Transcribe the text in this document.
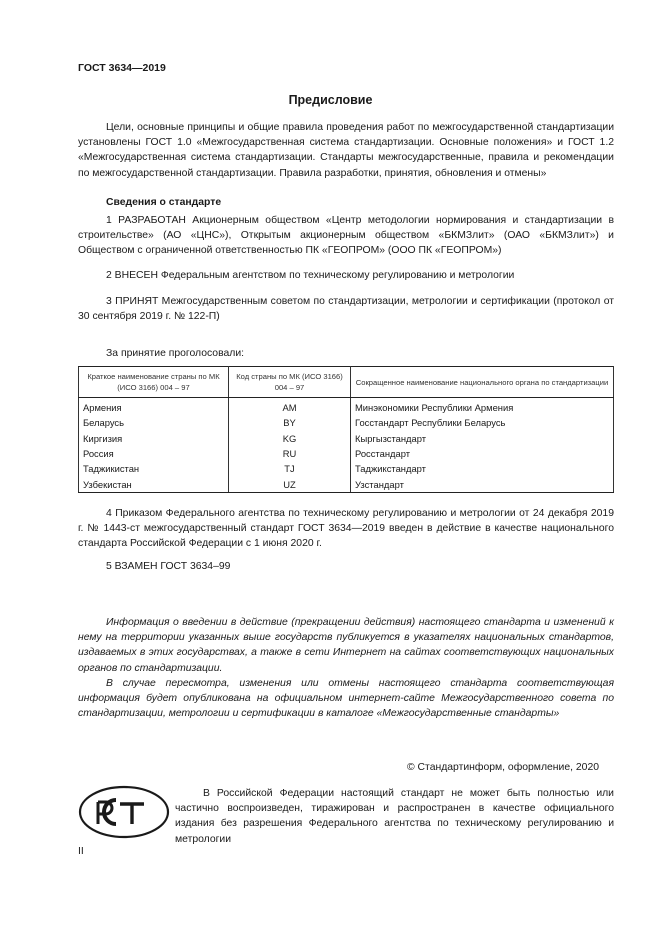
ГОСТ 3634—2019
Предисловие

Цели, основные принципы и общие правила проведения работ по межгосударственной стандартизации установлены ГОСТ 1.0 «Межгосударственная система стандартизации. Основные положения» и ГОСТ 1.2 «Межгосударственная система стандартизации. Стандарты межгосударственные, правила и рекомендации по межгосударственной стандартизации. Правила разработки, принятия, обновления и отмены»

Сведения о стандарте

1 РАЗРАБОТАН Акционерным обществом «Центр методологии нормирования и стандартизации в строительстве» (АО «ЦНС»), Открытым акционерным обществом «БКМЗлит» (ОАО «БКМЗлит») и Обществом с ограниченной ответственностью ПК «ГЕОПРОМ» (ООО ПК «ГЕОПРОМ»)

2 ВНЕСЕН Федеральным агентством по техническому регулированию и метрологии

3 ПРИНЯТ Межгосударственным советом по стандартизации, метрологии и сертификации (протокол от 30 сентября 2019 г. № 122-П)

За принятие проголосовали:
Краткое наименование страны по МК (ИСО 3166) 004 – 97	Код страны по МК (ИСО 3166) 004 – 97	Сокращенное наименование национального органа по стандартизации
Армения	AM	Минэкономики Республики Армения
Беларусь	BY	Госстандарт Республики Беларусь
Киргизия	KG	Кыргызстандарт
Россия	RU	Росстандарт
Таджикистан	TJ	Таджикстандарт
Узбекистан	UZ	Узстандарт

4 Приказом Федерального агентства по техническому регулированию и метрологии от 24 декабря 2019 г. № 1443-ст межгосударственный стандарт ГОСТ 3634—2019 введен в действие в качестве национального стандарта Российской Федерации с 1 июня 2020 г.

5 ВЗАМЕН ГОСТ 3634–99

Информация о введении в действие (прекращении действия) настоящего стандарта и изменений к нему на территории указанных выше государств публикуется в указателях национальных стандартов, издаваемых в этих государствах, а также в сети Интернет на сайтах соответствующих национальных органов по стандартизации.

В случае пересмотра, изменения или отмены настоящего стандарта соответствующая информация будет опубликована на официальном интернет-сайте Межгосударственного совета по стандартизации, метрологии и сертификации в каталоге «Межгосударственные стандарты»

© Стандартинформ, оформление, 2020

В Российской Федерации настоящий стандарт не может быть полностью или частично воспроизведен, тиражирован и распространен в качестве официального издания без разрешения Федерального агентства по техническому регулированию и метрологии

II
